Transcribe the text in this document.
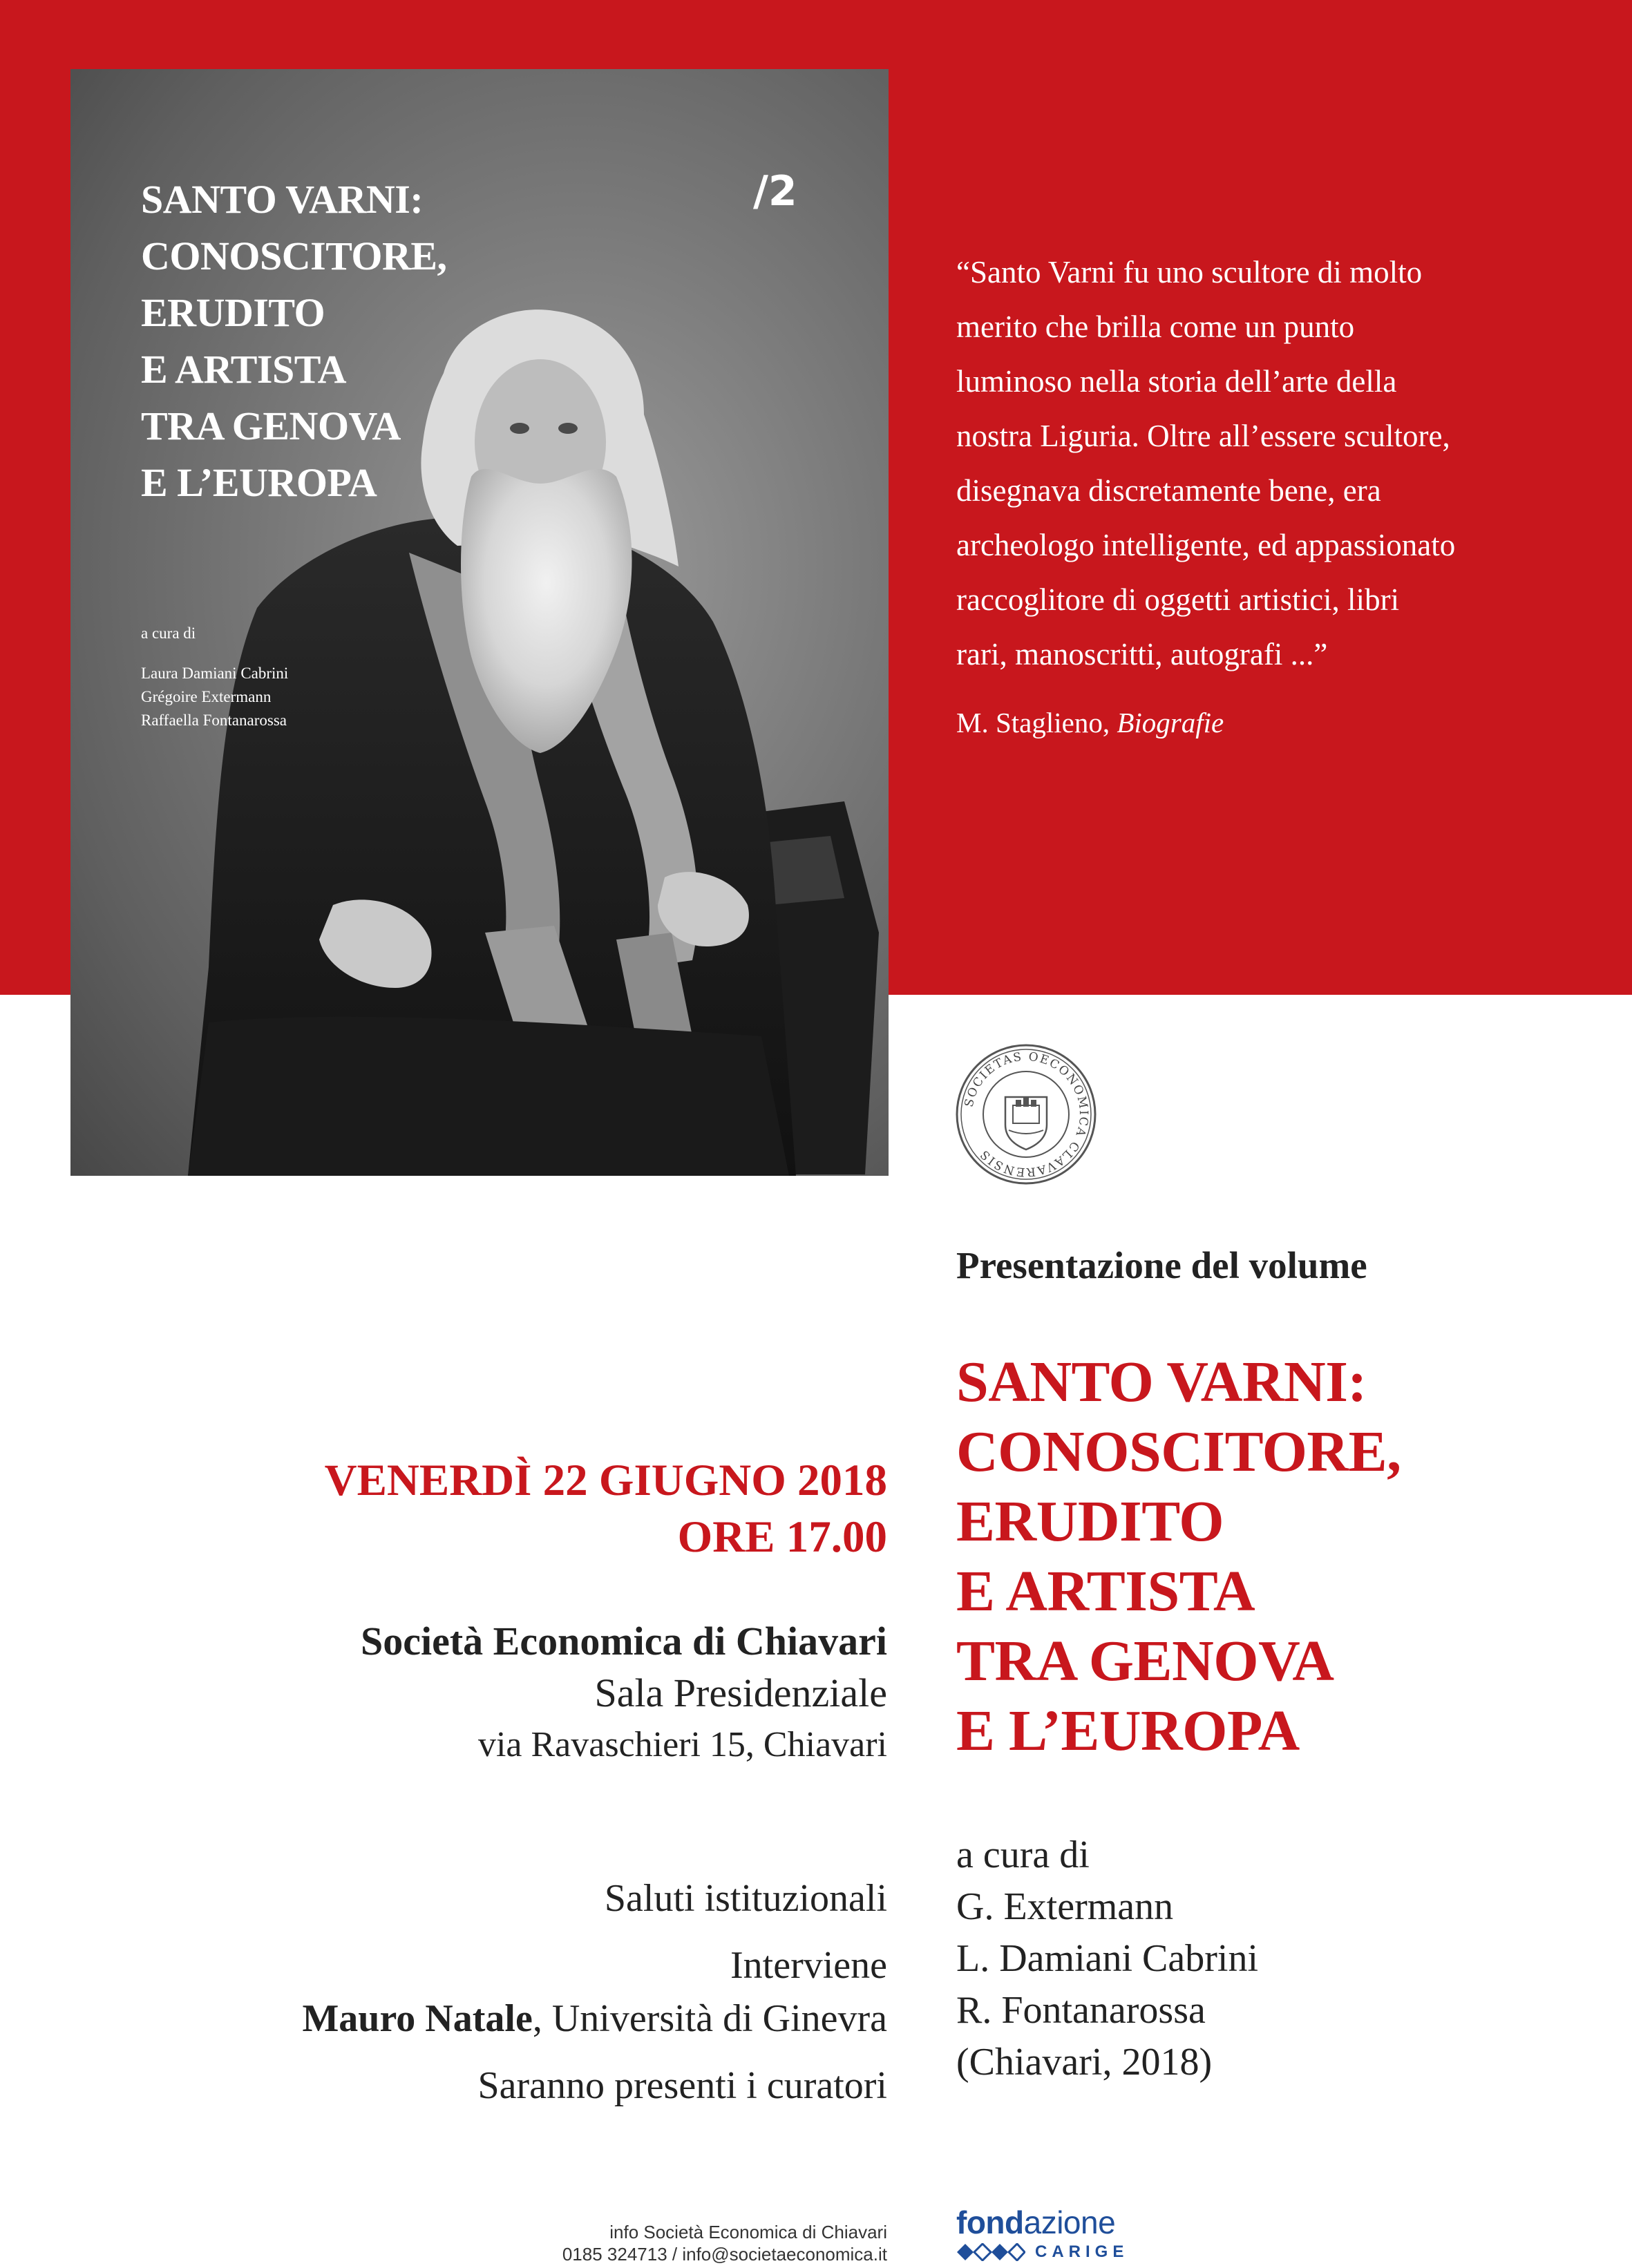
SANTO VARNI:
CONOSCITORE,
ERUDITO
E ARTISTA
TRA GENOVA
E L’EUROPA
/2
a cura di
Laura Damiani Cabrini
Grégoire Extermann
Raffaella Fontanarossa
“Santo Varni fu uno scultore di molto
merito che brilla come un punto
luminoso nella storia dell’arte della
nostra Liguria. Oltre all’essere scultore,
disegnava discretamente bene, era
archeologo intelligente, ed appassionato
raccoglitore di oggetti artistici, libri
rari, manoscritti, autografi ...”
M. Staglieno, Biografie
SOCIETAS OECONOMICA CLAVARENSIS
Presentazione del volume
SANTO VARNI:
CONOSCITORE,
ERUDITO
E ARTISTA
TRA GENOVA
E L’EUROPA
a cura di
G. Extermann
L. Damiani Cabrini
R. Fontanarossa
(Chiavari, 2018)
VENERDÌ 22 GIUGNO 2018
ORE 17.00
Società Economica di Chiavari
Sala Presidenziale
via Ravaschieri 15, Chiavari
Saluti istituzionali
Interviene
Mauro Natale, Università di Ginevra
Saranno presenti i curatori
info Società Economica di Chiavari
0185 324713 / info@societaeconomica.it
fondazione
CARIGE
